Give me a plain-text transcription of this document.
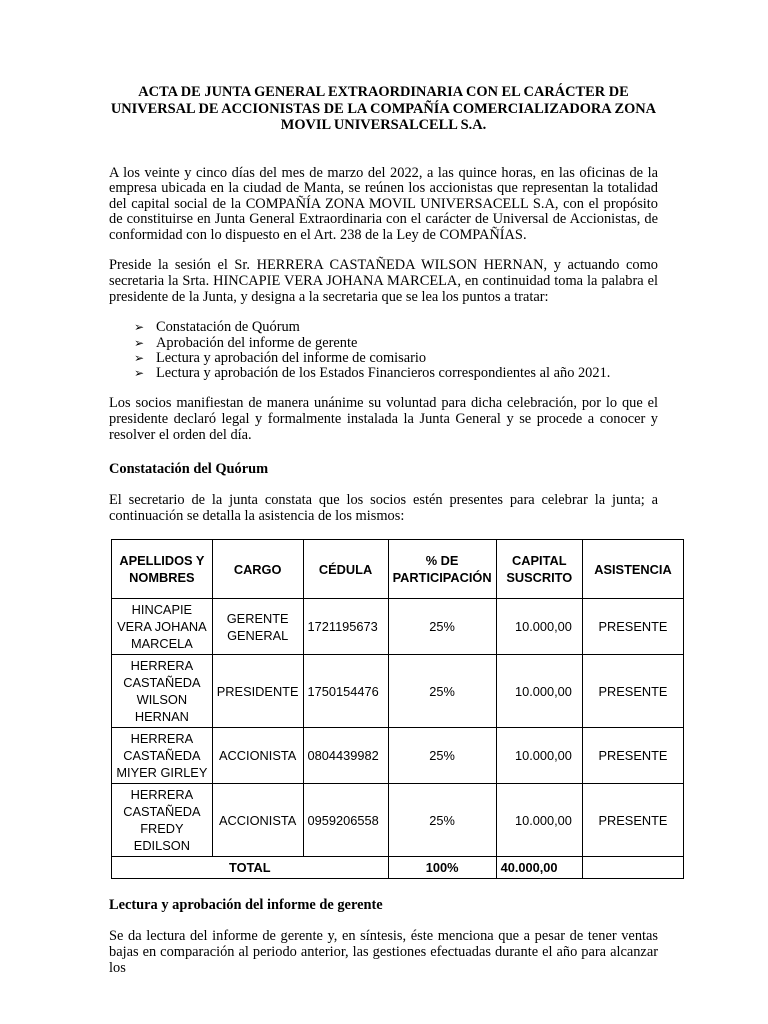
ACTA DE JUNTA GENERAL EXTRAORDINARIA CON EL CARÁCTER DE UNIVERSAL DE ACCIONISTAS DE LA COMPAÑÍA COMERCIALIZADORA ZONA MOVIL UNIVERSALCELL S.A.

A los veinte y cinco días del mes de marzo del 2022, a las quince horas, en las oficinas de la empresa ubicada en la ciudad de Manta, se reúnen los accionistas que representan la totalidad del capital social de la COMPAÑÍA ZONA MOVIL UNIVERSACELL S.A, con el propósito de constituirse en Junta General Extraordinaria con el carácter de Universal de Accionistas, de conformidad con lo dispuesto en el Art. 238 de la Ley de COMPAÑÍAS.

Preside la sesión el Sr. HERRERA CASTAÑEDA WILSON HERNAN, y actuando como secretaria la Srta. HINCAPIE VERA JOHANA MARCELA, en continuidad toma la palabra el presidente de la Junta, y designa a la secretaria que se lea los puntos a tratar:

➢ Constatación de Quórum
➢ Aprobación del informe de gerente
➢ Lectura y aprobación del informe de comisario
➢ Lectura y aprobación de los Estados Financieros correspondientes al año 2021.

Los socios manifiestan de manera unánime su voluntad para dicha celebración, por lo que el presidente declaró legal y formalmente instalada la Junta General y se procede a conocer y resolver el orden del día.

Constatación del Quórum

El secretario de la junta constata que los socios estén presentes para celebrar la junta; a continuación se detalla la asistencia de los mismos:

APELLIDOS Y NOMBRES	CARGO	CÉDULA	% DE PARTICIPACIÓN	CAPITAL SUSCRITO	ASISTENCIA
HINCAPIE VERA JOHANA MARCELA	GERENTE GENERAL	1721195673	25%	10.000,00	PRESENTE
HERRERA CASTAÑEDA WILSON HERNAN	PRESIDENTE	1750154476	25%	10.000,00	PRESENTE
HERRERA CASTAÑEDA MIYER GIRLEY	ACCIONISTA	0804439982	25%	10.000,00	PRESENTE
HERRERA CASTAÑEDA FREDY EDILSON	ACCIONISTA	0959206558	25%	10.000,00	PRESENTE
TOTAL			100%	40.000,00	
Lectura y aprobación del informe de gerente

Se da lectura del informe de gerente y, en síntesis, éste menciona que a pesar de tener ventas bajas en comparación al periodo anterior, las gestiones efectuadas durante el año para alcanzar los
